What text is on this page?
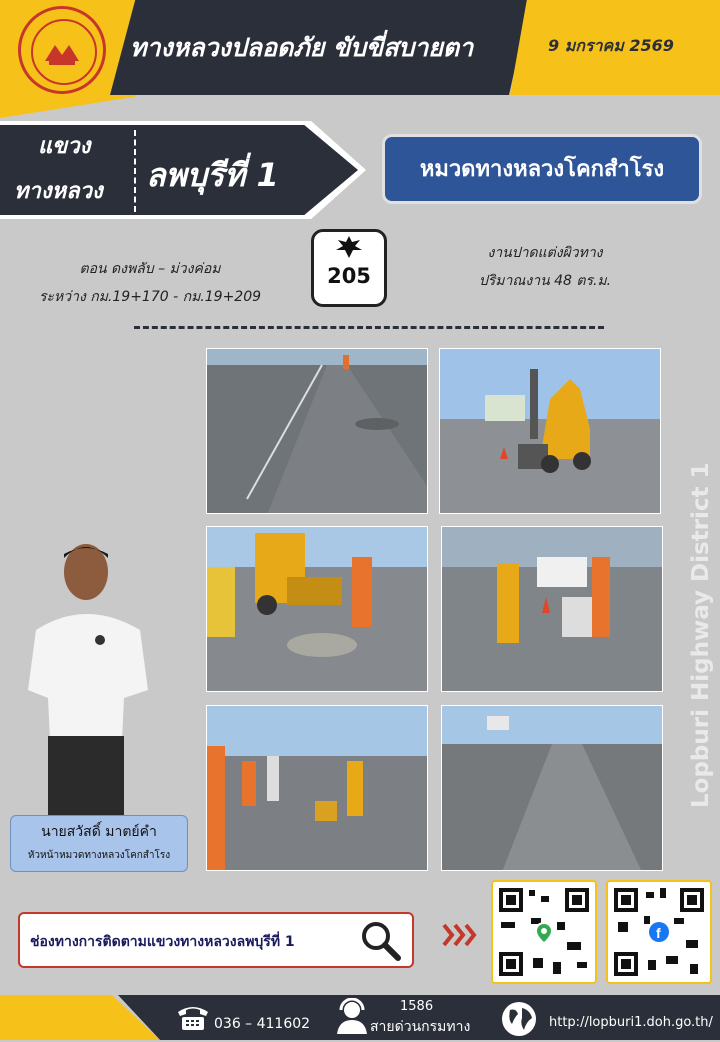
ทางหลวงปลอดภัย ขับขี่สบายตา	9 มกราคม 2569
แขวง
ทางหลวง ลพบุรีที่ 1	หมวดทางหลวงโคกสำโรง
ตอน ดงพลับ – ม่วงค่อม
ระหว่าง กม.19+170 - กม.19+209
205
งานปาดแต่งผิวทาง
ปริมาณงาน 48 ตร.ม.
นายสวัสดิ์ มาตย์คำ
หัวหน้าหมวดทางหลวงโคกสำโรง
Lopburi Highway District 1
ช่องทางการติดตามแขวงทางหลวงลพบุรีที่ 1
f
036 – 411602
1586
สายด่วนกรมทาง	http://lopburi1.doh.go.th/
